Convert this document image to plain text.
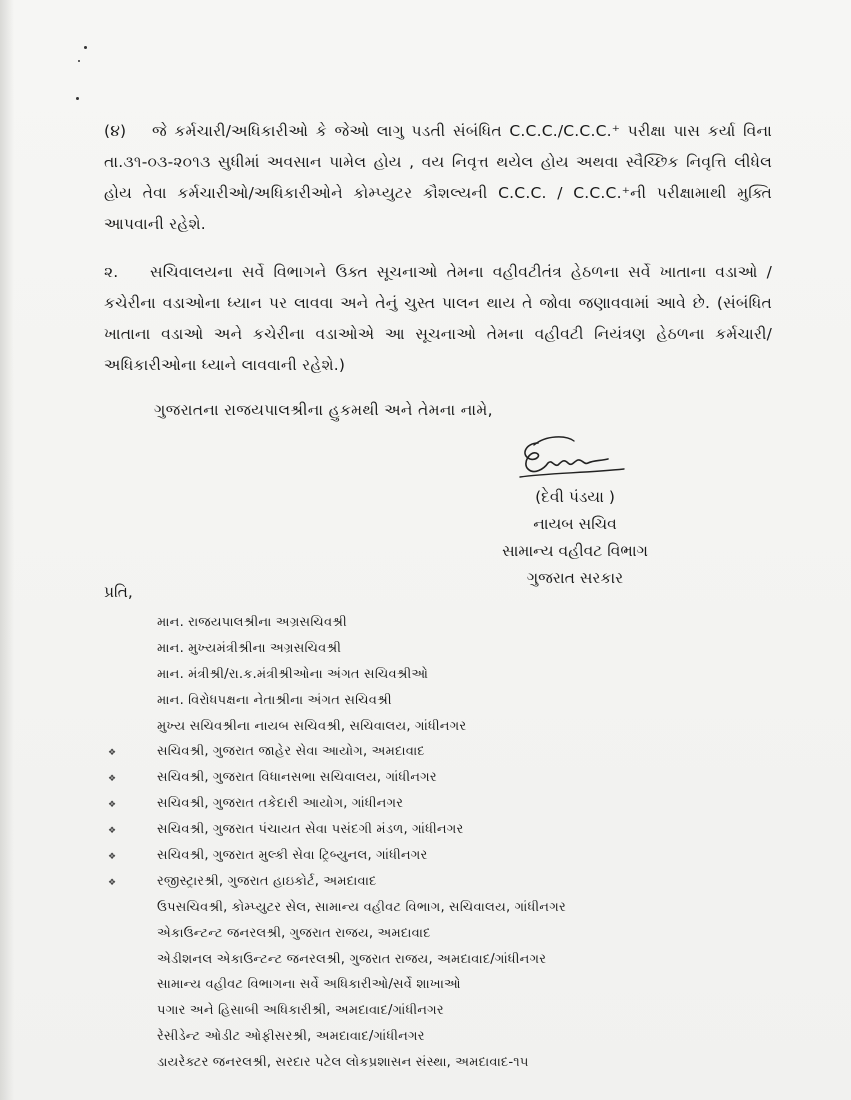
(૪) જે કર્મચારી/અધિકારીઓ કે જેઓ લાગુ પડતી સંબંધિત C.C.C./C.C.C.⁺ પરીક્ષા પાસ કર્યા વિના તા.૩૧-૦૩-૨૦૧૩ સુધીમાં અવસાન પામેલ હોય , વય નિવૃત્ત થયેલ હોય અથવા સ્વૈચ્છિક નિવૃત્તિ લીધેલ હોય તેવા કર્મચારીઓ/અધિકારીઓને કોમ્પ્યુટર કૌશલ્યની C.C.C. / C.C.C.⁺ની પરીક્ષામાથી મુક્તિ આપવાની રહેશે.
૨. સચિવાલયના સર્વે વિભાગને ઉક્ત સૂચનાઓ તેમના વહીવટીતંત્ર હેઠળના સર્વે ખાતાના વડાઓ / કચેરીના વડાઓના ધ્યાન પર લાવવા અને તેનું ચુસ્ત પાલન થાય તે જોવા જણાવવામાં આવે છે. (સંબંધિત ખાતાના વડાઓ અને કચેરીના વડાઓએ આ સૂચનાઓ તેમના વહીવટી નિયંત્રણ હેઠળના કર્મચારી/અધિકારીઓના ધ્યાને લાવવાની રહેશે.)
ગુજરાતના રાજયપાલશ્રીના હુકમથી અને તેમના નામે,
(દેવી પંડયા )
નાયબ સચિવ
સામાન્ય વહીવટ વિભાગ
ગુજરાત સરકાર
પ્રતિ,
માન. રાજયપાલશ્રીના અગ્રસચિવશ્રી
માન. મુખ્યમંત્રીશ્રીના અગ્રસચિવશ્રી
માન. મંત્રીશ્રી/રા.ક.મંત્રીશ્રીઓના અંગત સચિવશ્રીઓ
માન. વિરોધપક્ષના નેતાશ્રીના અંગત સચિવશ્રી
મુખ્ય સચિવશ્રીના નાયબ સચિવશ્રી, સચિવાલય, ગાંધીનગર
❖	સચિવશ્રી, ગુજરાત જાહેર સેવા આયોગ, અમદાવાદ
❖	સચિવશ્રી, ગુજરાત વિધાનસભા સચિવાલય, ગાંધીનગર
❖	સચિવશ્રી, ગુજરાત તકેદારી આયોગ, ગાંધીનગર
❖	સચિવશ્રી, ગુજરાત પંચાયત સેવા પસંદગી મંડળ, ગાંધીનગર
❖	સચિવશ્રી, ગુજરાત મુલ્કી સેવા ટ્રિબ્યુનલ, ગાંધીનગર
❖	રજીસ્ટ્રારશ્રી, ગુજરાત હાઇકોર્ટ, અમદાવાદ
ઉપસચિવશ્રી, કોમ્પ્યુટર સેલ, સામાન્ય વહીવટ વિભાગ, સચિવાલય, ગાંધીનગર
એકાઉન્ટન્ટ જનરલશ્રી, ગુજરાત રાજય, અમદાવાદ
એડીશનલ એકાઉન્ટન્ટ જનરલશ્રી, ગુજરાત રાજય, અમદાવાદ/ગાંધીનગર
સામાન્ય વહીવટ વિભાગના સર્વે અધિકારીઓ/સર્વે શાખાઓ
પગાર અને હિસાબી અધિકારીશ્રી, અમદાવાદ/ગાંધીનગર
રેસીડેન્ટ ઓડીટ ઓફીસરશ્રી, અમદાવાદ/ગાંધીનગર
ડાયરેક્ટર જનરલશ્રી, સરદાર પટેલ લોકપ્રશાસન સંસ્થા, અમદાવાદ-૧૫
